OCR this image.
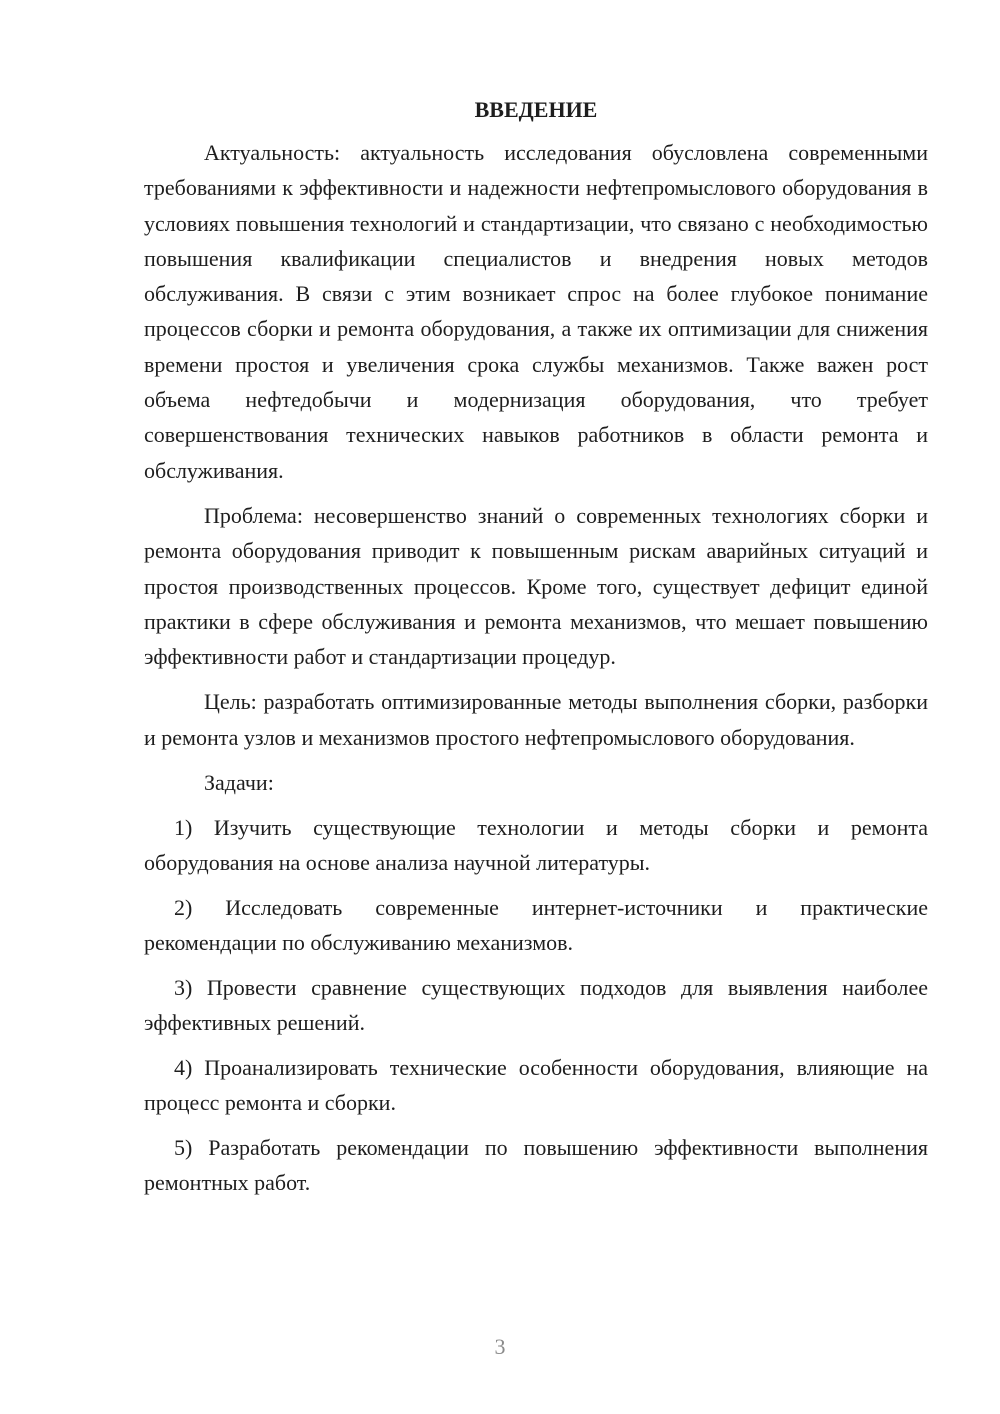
ВВЕДЕНИЕ

Актуальность: актуальность исследования обусловлена современными требованиями к эффективности и надежности нефтепромыслового оборудования в условиях повышения технологий и стандартизации, что связано с необходимостью повышения квалификации специалистов и внедрения новых методов обслуживания. В связи с этим возникает спрос на более глубокое понимание процессов сборки и ремонта оборудования, а также их оптимизации для снижения времени простоя и увеличения срока службы механизмов. Также важен рост объема нефтедобычи и модернизация оборудования, что требует совершенствования технических навыков работников в области ремонта и обслуживания.

Проблема: несовершенство знаний о современных технологиях сборки и ремонта оборудования приводит к повышенным рискам аварийных ситуаций и простоя производственных процессов. Кроме того, существует дефицит единой практики в сфере обслуживания и ремонта механизмов, что мешает повышению эффективности работ и стандартизации процедур.

Цель: разработать оптимизированные методы выполнения сборки, разборки и ремонта узлов и механизмов простого нефтепромыслового оборудования.

Задачи:

1) Изучить существующие технологии и методы сборки и ремонта оборудования на основе анализа научной литературы.

2) Исследовать современные интернет-источники и практические рекомендации по обслуживанию механизмов.

3) Провести сравнение существующих подходов для выявления наиболее эффективных решений.

4) Проанализировать технические особенности оборудования, влияющие на процесс ремонта и сборки.

5) Разработать рекомендации по повышению эффективности выполнения ремонтных работ.

3
